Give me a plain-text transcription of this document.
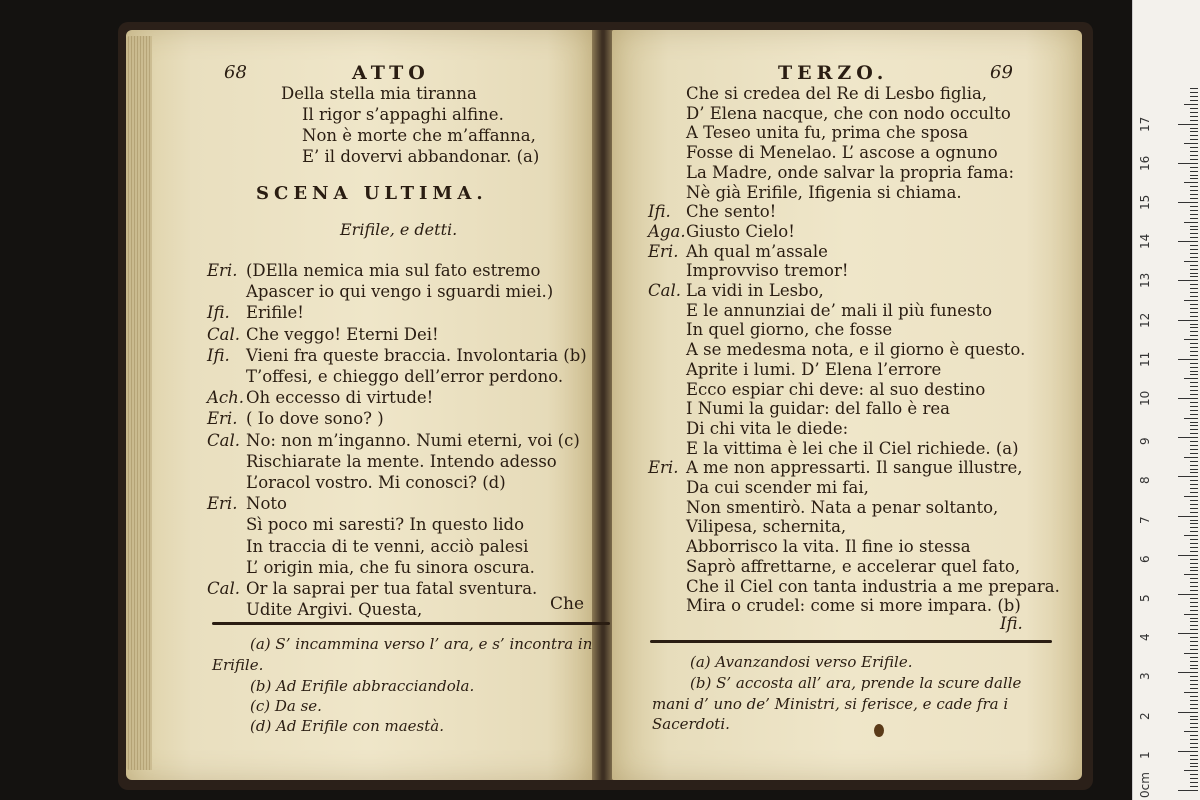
68	ATTO
Della stella mia tiranna
Il rigor s’appaghi alfine.
Non è morte che m’affanna,
E’ il dovervi abbandonar. (a)
SCENA ULTIMA.
Erifile, e detti.
Eri. (DElla nemica mia sul fato estremo
Apascer io qui vengo i sguardi miei.)
Ifi. Erifile!
Cal. Che veggo! Eterni Dei!
Ifi. Vieni fra queste braccia. Involontaria (b)
T’offesi, e chieggo dell’error perdono.
Ach. Oh eccesso di virtude!
Eri. ( Io dove sono? )
Cal. No: non m’inganno. Numi eterni, voi (c)
Rischiarate la mente. Intendo adesso
L’oracol vostro. Mi conosci? (d)
Eri. Noto
Sì poco mi saresti? In questo lido
In traccia di te venni, acciò palesi
L’ origin mia, che fu sinora oscura.
Cal. Or la saprai per tua fatal sventura.
Udite Argivi. Questa,	Che
(a) S’ incammina verso l’ ara, e s’ incontra in
Erifile.
(b) Ad Erifile abbracciandola.
(c) Da se.
(d) Ad Erifile con maestà.
TERZO.	69
Che si credea del Re di Lesbo figlia,
D’ Elena nacque, che con nodo occulto
A Teseo unita fu, prima che sposa
Fosse di Menelao. L’ ascose a ognuno
La Madre, onde salvar la propria fama:
Nè già Erifile, Ifigenia si chiama.
Ifi. Che sento!
Aga. Giusto Cielo!
Eri. Ah qual m’assale
Improvviso tremor!
Cal. La vidi in Lesbo,
E le annunziai de’ mali il più funesto
In quel giorno, che fosse
A se medesma nota, e il giorno è questo.
Aprite i lumi. D’ Elena l’errore
Ecco espiar chi deve: al suo destino
I Numi la guidar: del fallo è rea
Di chi vita le diede:
E la vittima è lei che il Ciel richiede. (a)
Eri. A me non appressarti. Il sangue illustre,
Da cui scender mi fai,
Non smentirò. Nata a penar soltanto,
Vilipesa, schernita,
Abborrisco la vita. Il fine io stessa
Saprò affrettarne, e accelerar quel fato,
Che il Ciel con tanta industria a me prepara.
Mira o crudel: come si more impara. (b)
Ifi.
(a) Avanzandosi verso Erifile.
(b) S’ accosta all’ ara, prende la scure dalle
mani d’ uno de’ Ministri, si ferisce, e cade fra i
Sacerdoti.
0cm
1
2
3
4
5
6
7
8
9
10
11
12
13
14
15
16
17
